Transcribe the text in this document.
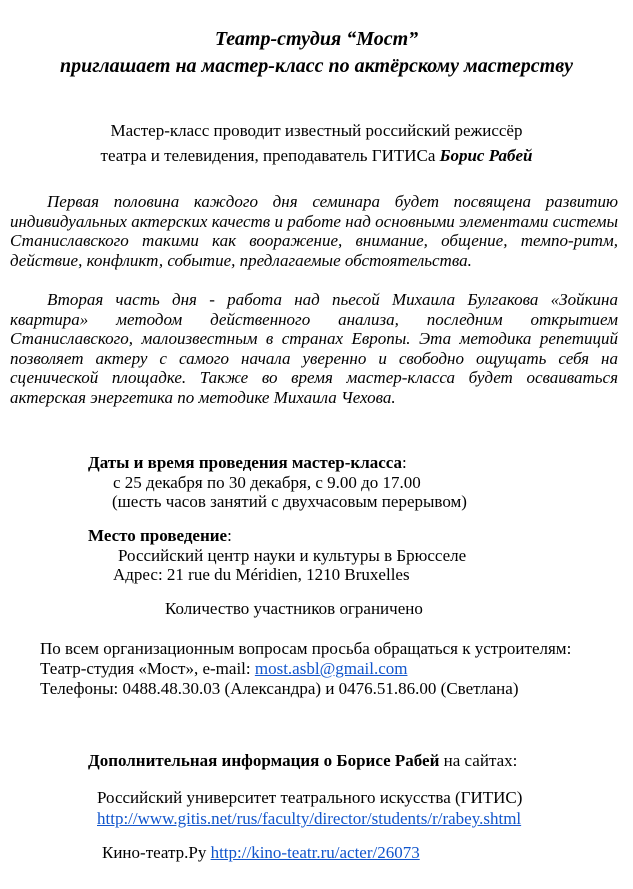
Театр-студия “Мост”
приглашает на мастер-класс по актёрскому мастерству
Мастер-класс проводит известный российский режиссёр
театра и телевидения, преподаватель ГИТИСа Борис Рабей

Первая половина каждого дня семинара будет посвящена развитию индивидуальных актерских качеств и работе над основными элементами системы Станиславского такими как вооражение, внимание, общение, темпо-ритм, действие, конфликт, событие, предлагаемые обстоятельства.

Вторая часть дня - работа над пьесой Михаила Булгакова «Зойкина квартира» методом действенного анализа, последним открытием Станиславского, малоизвестным в странах Европы. Эта методика репетиций позволяет актеру с самого начала уверенно и свободно ощущать себя на сценической площадке. Также во время мастер-класса будет осваиваться актерская энергетика по методике Михаила Чехова.

Даты и время проведения мастер-класса:
с 25 декабря по 30 декабря, с 9.00 до 17.00
(шесть часов занятий с двухчасовым перерывом)
Место проведение:
Российский центр науки и культуры в Брюсселе
Адрес: 21 rue du Méridien, 1210 Bruxelles
Количество участников ограничено
По всем организационным вопросам просьба обращаться к устроителям:
Театр-студия «Мост», e-mail: most.asbl@gmail.com
Телефоны: 0488.48.30.03 (Александра) и 0476.51.86.00 (Светлана)
Дополнительная информация о Борисе Рабей на сайтах:
Российский университет театрального искусства (ГИТИС)
http://www.gitis.net/rus/faculty/director/students/r/rabey.shtml
Кино-театр.Ру http://kino-teatr.ru/acter/26073
